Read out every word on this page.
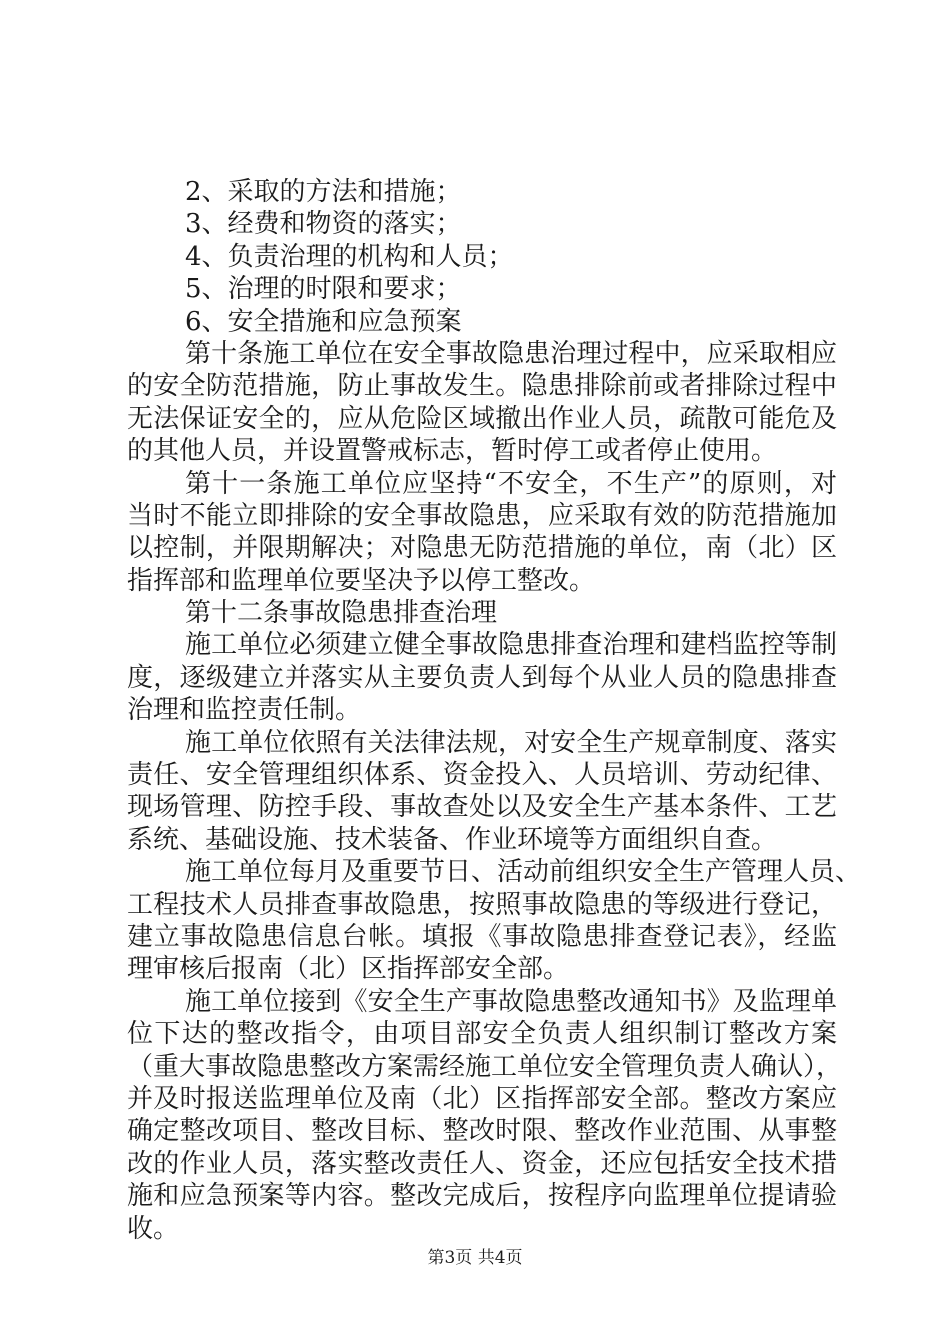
2、采取的方法和措施；
3、经费和物资的落实；
4、负责治理的机构和人员；
5、治理的时限和要求；
6、安全措施和应急预案
第十条施工单位在安全事故隐患治理过程中，应采取相应
的安全防范措施，防止事故发生。隐患排除前或者排除过程中
无法保证安全的，应从危险区域撤出作业人员，疏散可能危及
的其他人员，并设置警戒标志，暂时停工或者停止使用。
第十一条施工单位应坚持“不安全，不生产”的原则，对
当时不能立即排除的安全事故隐患，应采取有效的防范措施加
以控制，并限期解决；对隐患无防范措施的单位，南（北）区
指挥部和监理单位要坚决予以停工整改。
第十二条事故隐患排查治理
施工单位必须建立健全事故隐患排查治理和建档监控等制
度，逐级建立并落实从主要负责人到每个从业人员的隐患排查
治理和监控责任制。
施工单位依照有关法律法规，对安全生产规章制度、落实
责任、安全管理组织体系、资金投入、人员培训、劳动纪律、
现场管理、防控手段、事故查处以及安全生产基本条件、工艺
系统、基础设施、技术装备、作业环境等方面组织自查。
施工单位每月及重要节日、活动前组织安全生产管理人员、
工程技术人员排查事故隐患，按照事故隐患的等级进行登记，
建立事故隐患信息台帐。填报《事故隐患排查登记表》，经监
理审核后报南（北）区指挥部安全部。
施工单位接到《安全生产事故隐患整改通知书》及监理单
位下达的整改指令，由项目部安全负责人组织制订整改方案
（重大事故隐患整改方案需经施工单位安全管理负责人确认），
并及时报送监理单位及南（北）区指挥部安全部。整改方案应
确定整改项目、整改目标、整改时限、整改作业范围、从事整
改的作业人员，落实整改责任人、资金，还应包括安全技术措
施和应急预案等内容。整改完成后，按程序向监理单位提请验
收。
第3页 共4页
